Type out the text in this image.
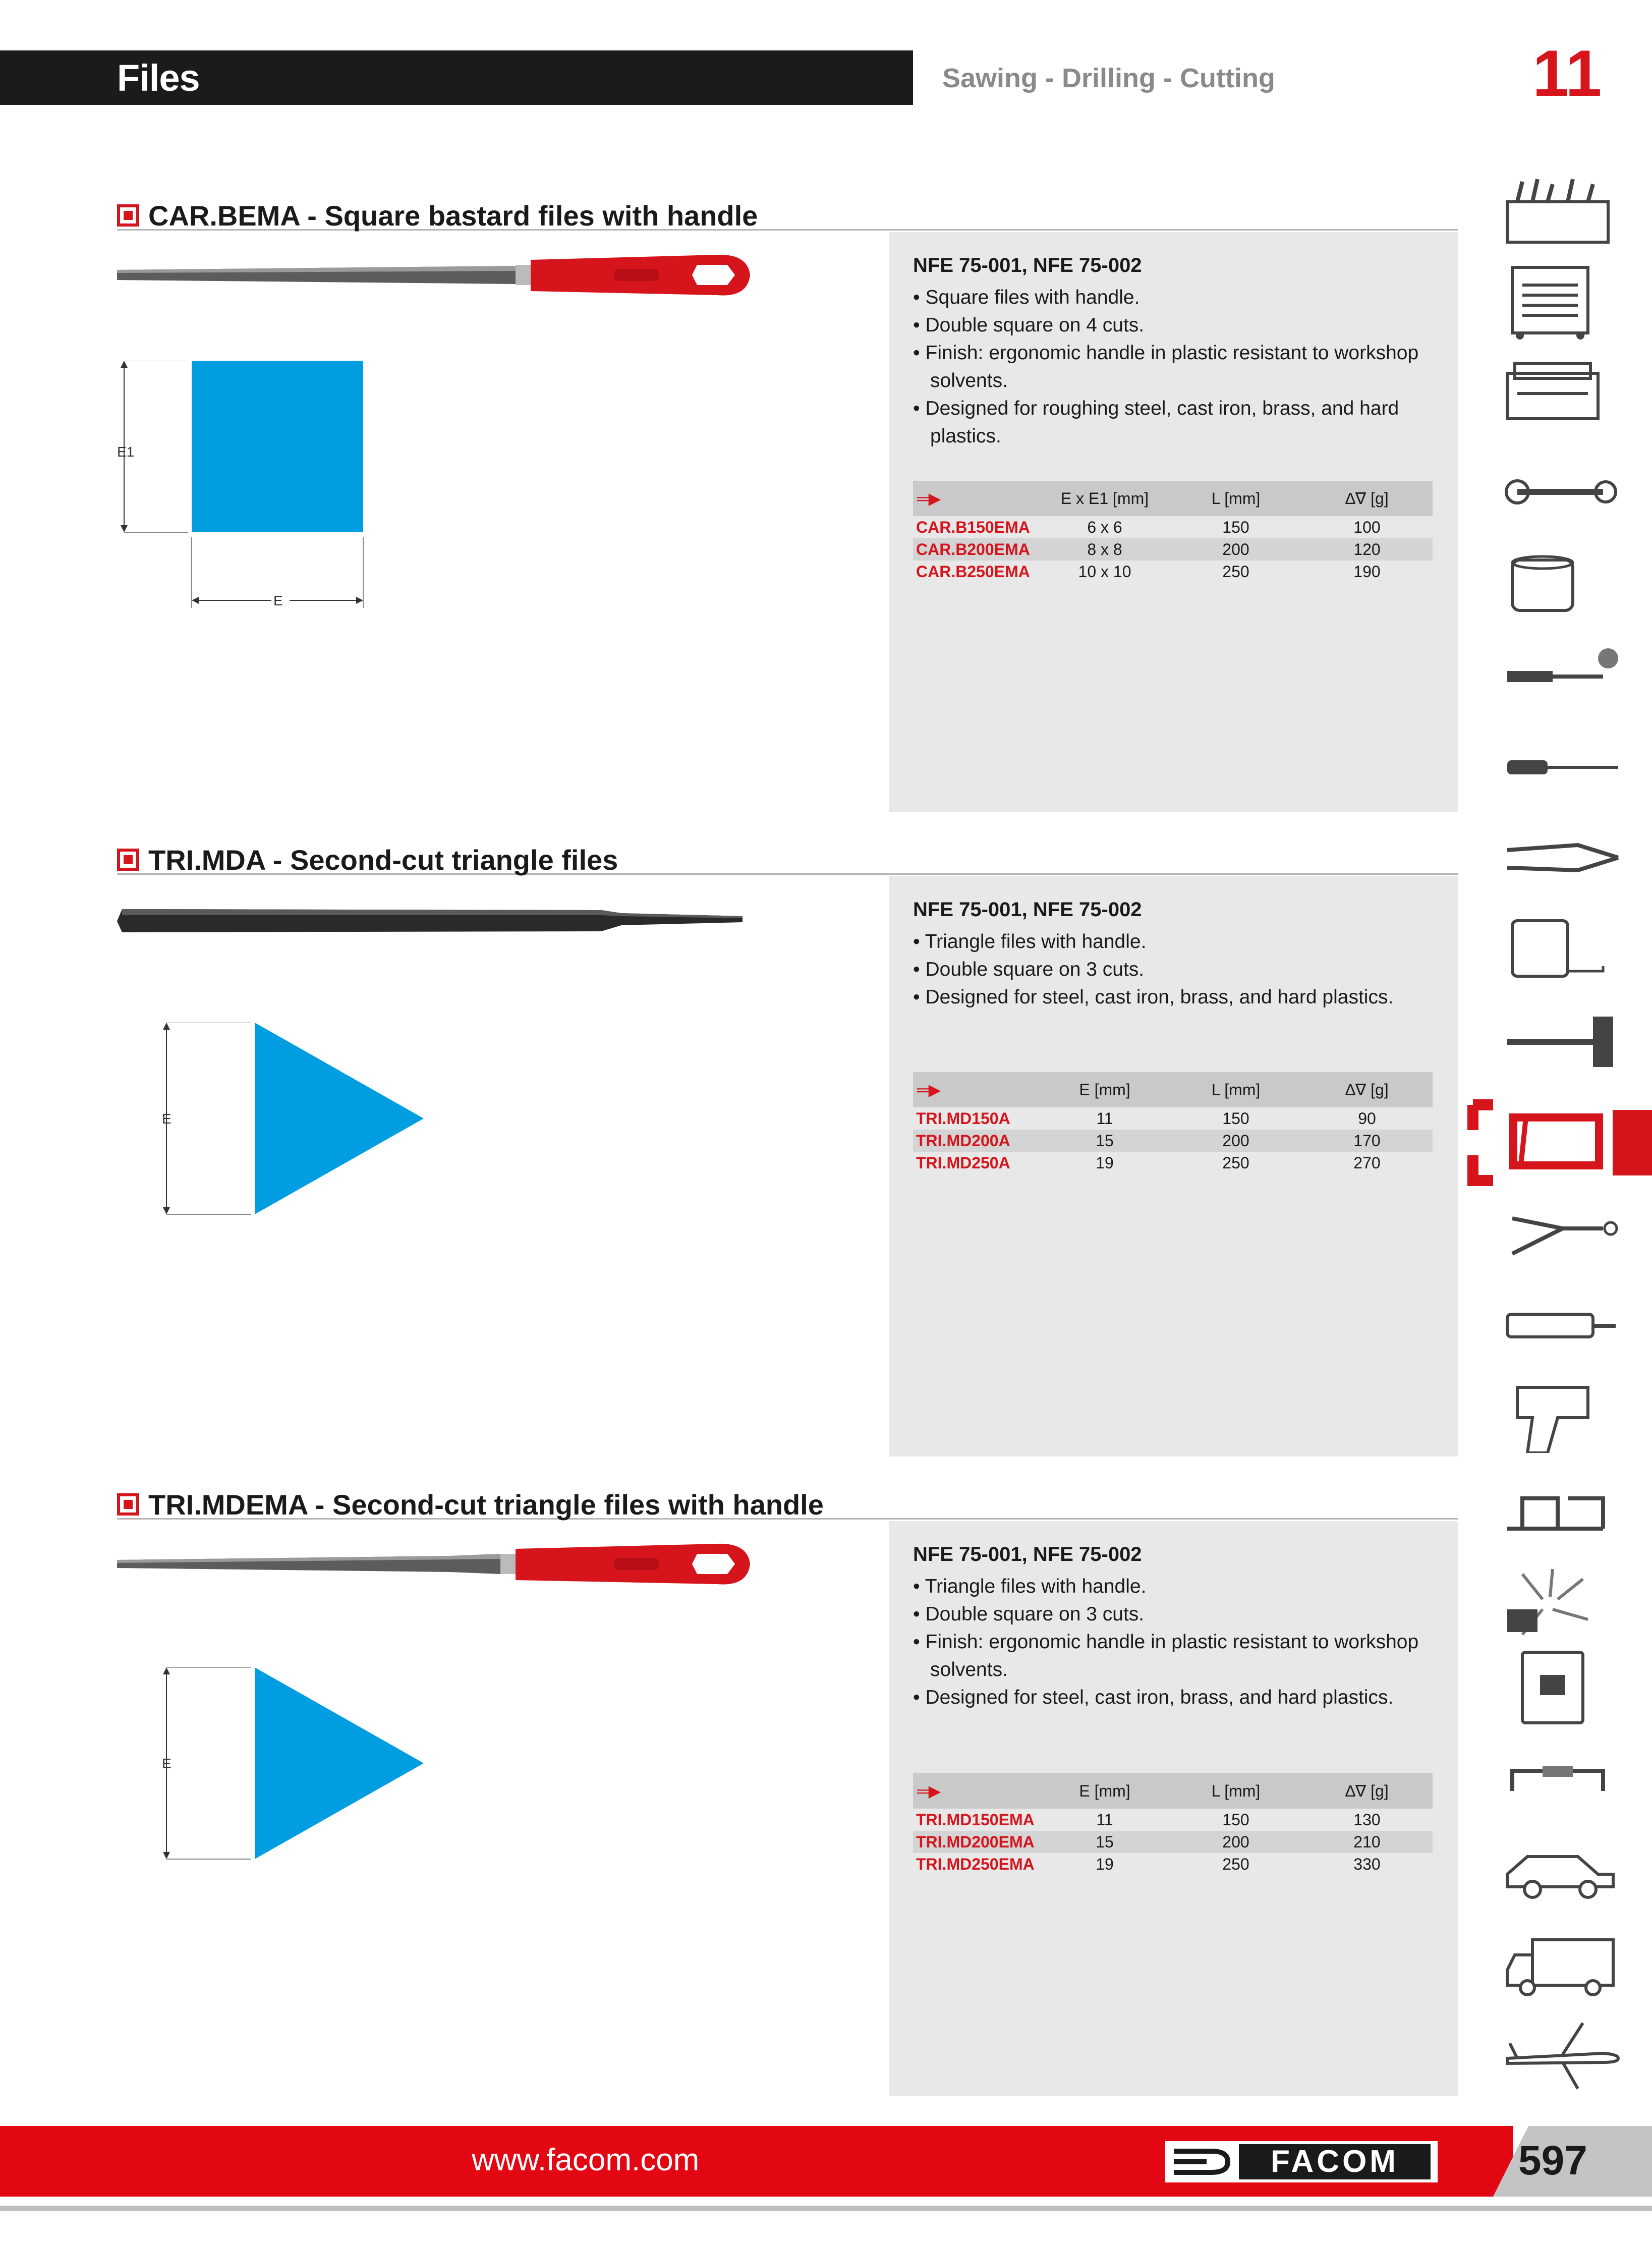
Files	Sawing - Drilling - Cutting	11
CAR.BEMA - Square bastard files with handle
E1
E
NFE 75-001, NFE 75-002
• Square files with handle.
• Double square on 4 cuts.
• Finish: ergonomic handle in plastic resistant to workshop solvents.
• Designed for roughing steel, cast iron, brass, and hard plastics.
═▶	E x E1 [mm]	L [mm]	∆∇ [g]
CAR.B150EMA	6 x 6	150	100
CAR.B200EMA	8 x 8	200	120
CAR.B250EMA	10 x 10	250	190
TRI.MDA - Second-cut triangle files
E
NFE 75-001, NFE 75-002
• Triangle files with handle.
• Double square on 3 cuts.
• Designed for steel, cast iron, brass, and hard plastics.
═▶	E [mm]	L [mm]	∆∇ [g]
TRI.MD150A	11	150	90
TRI.MD200A	15	200	170
TRI.MD250A	19	250	270
TRI.MDEMA - Second-cut triangle files with handle
E
NFE 75-001, NFE 75-002
• Triangle files with handle.
• Double square on 3 cuts.
• Finish: ergonomic handle in plastic resistant to workshop solvents.
• Designed for steel, cast iron, brass, and hard plastics.
═▶	E [mm]	L [mm]	∆∇ [g]
TRI.MD150EMA	11	150	130
TRI.MD200EMA	15	200	210
TRI.MD250EMA	19	250	330
www.facom.com	FACOM	597
